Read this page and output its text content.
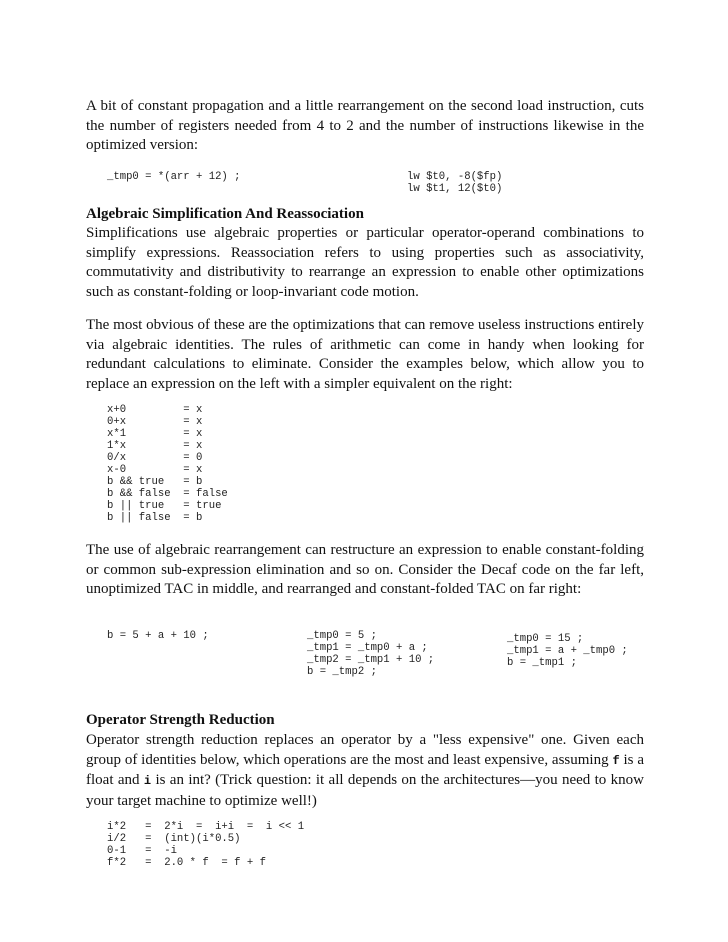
A bit of constant propagation and a little rearrangement on the second load instruction, cuts the number of registers needed from 4 to 2 and the number of instructions likewise in the optimized version:

_tmp0 = *(arr + 12) ;	lw $t0, -8($fp)
lw $t1, 12($t0)

Algebraic Simplification And Reassociation

Simplifications use algebraic properties or particular operator-operand combinations to simplify expressions. Reassociation refers to using properties such as associativity, commutativity and distributivity to rearrange an expression to enable other optimizations such as constant-folding or loop-invariant code motion.

The most obvious of these are the optimizations that can remove useless instructions entirely via algebraic identities. The rules of arithmetic can come in handy when looking for redundant calculations to eliminate. Consider the examples below, which allow you to replace an expression on the left with a simpler equivalent on the right:

x+0         = x
0+x         = x
x*1         = x
1*x         = x
0/x         = 0
x-0         = x
b && true   = b
b && false  = false
b || true   = true
b || false  = b

The use of algebraic rearrangement can restructure an expression to enable constant-folding or common sub-expression elimination and so on. Consider the Decaf code on the far left, unoptimized TAC in middle, and rearranged and constant-folded TAC on far right:

b = 5 + a + 10 ;	_tmp0 = 5 ;
_tmp1 = _tmp0 + a ;
_tmp2 = _tmp1 + 10 ;
b = _tmp2 ;
_tmp0 = 15 ;
_tmp1 = a + _tmp0 ;
b = _tmp1 ;

Operator Strength Reduction

Operator strength reduction replaces an operator by a "less expensive" one. Given each group of identities below, which operations are the most and least expensive, assuming f is a float and i is an int? (Trick question: it all depends on the architectures—you need to know your target machine to optimize well!)

i*2   =  2*i  =  i+i  =  i << 1
i/2   =  (int)(i*0.5)
0-1   =  -i
f*2   =  2.0 * f  = f + f
